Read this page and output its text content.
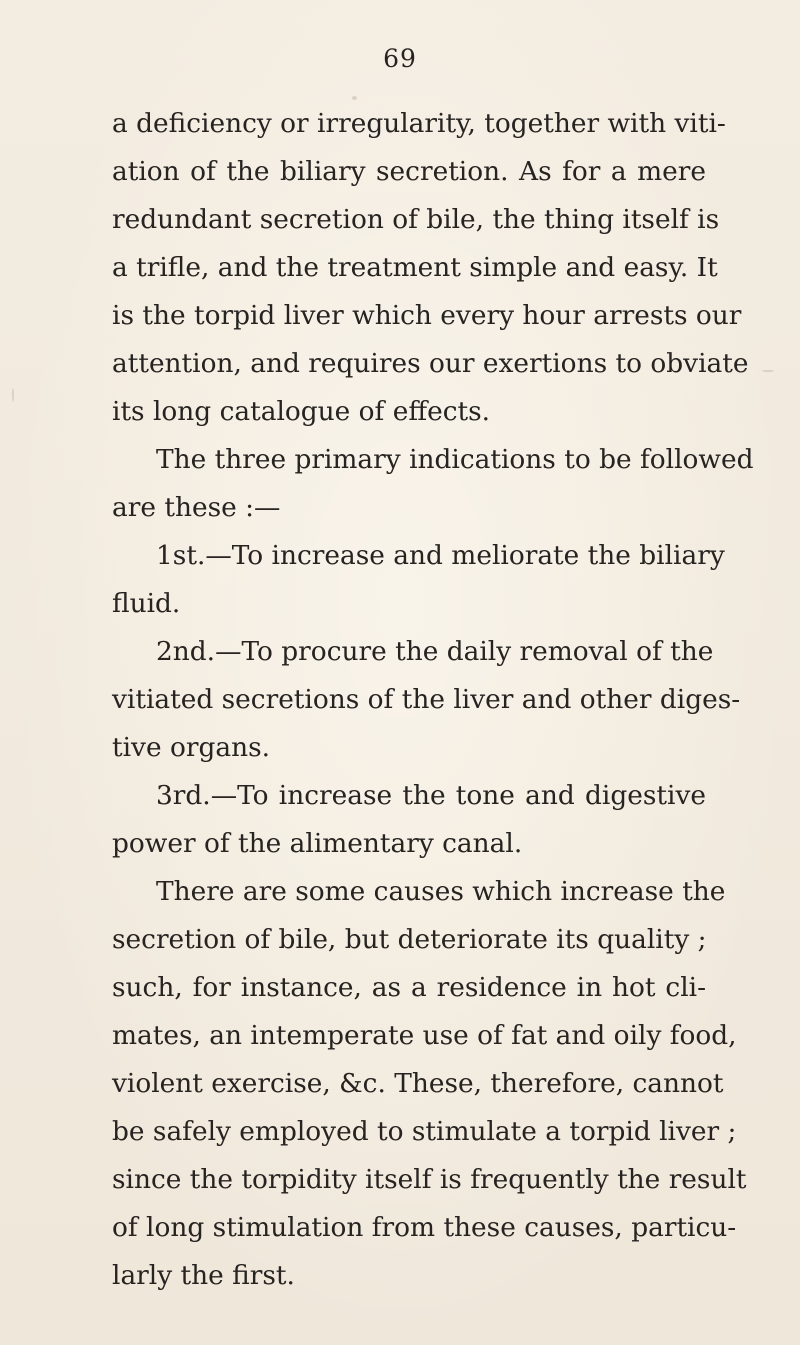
69
a deficiency or irregularity, together with viti-
ation of the biliary secretion. As for a mere
redundant secretion of bile, the thing itself is
a trifle, and the treatment simple and easy. It
is the torpid liver which every hour arrests our
attention, and requires our exertions to obviate
its long catalogue of effects.
The three primary indications to be followed
are these :—
1st.—To increase and meliorate the biliary
fluid.
2nd.—To procure the daily removal of the
vitiated secretions of the liver and other diges-
tive organs.
3rd.—To increase the tone and digestive
power of the alimentary canal.
There are some causes which increase the
secretion of bile, but deteriorate its quality ;
such, for instance, as a residence in hot cli-
mates, an intemperate use of fat and oily food,
violent exercise, &c. These, therefore, cannot
be safely employed to stimulate a torpid liver ;
since the torpidity itself is frequently the result
of long stimulation from these causes, particu-
larly the first.
